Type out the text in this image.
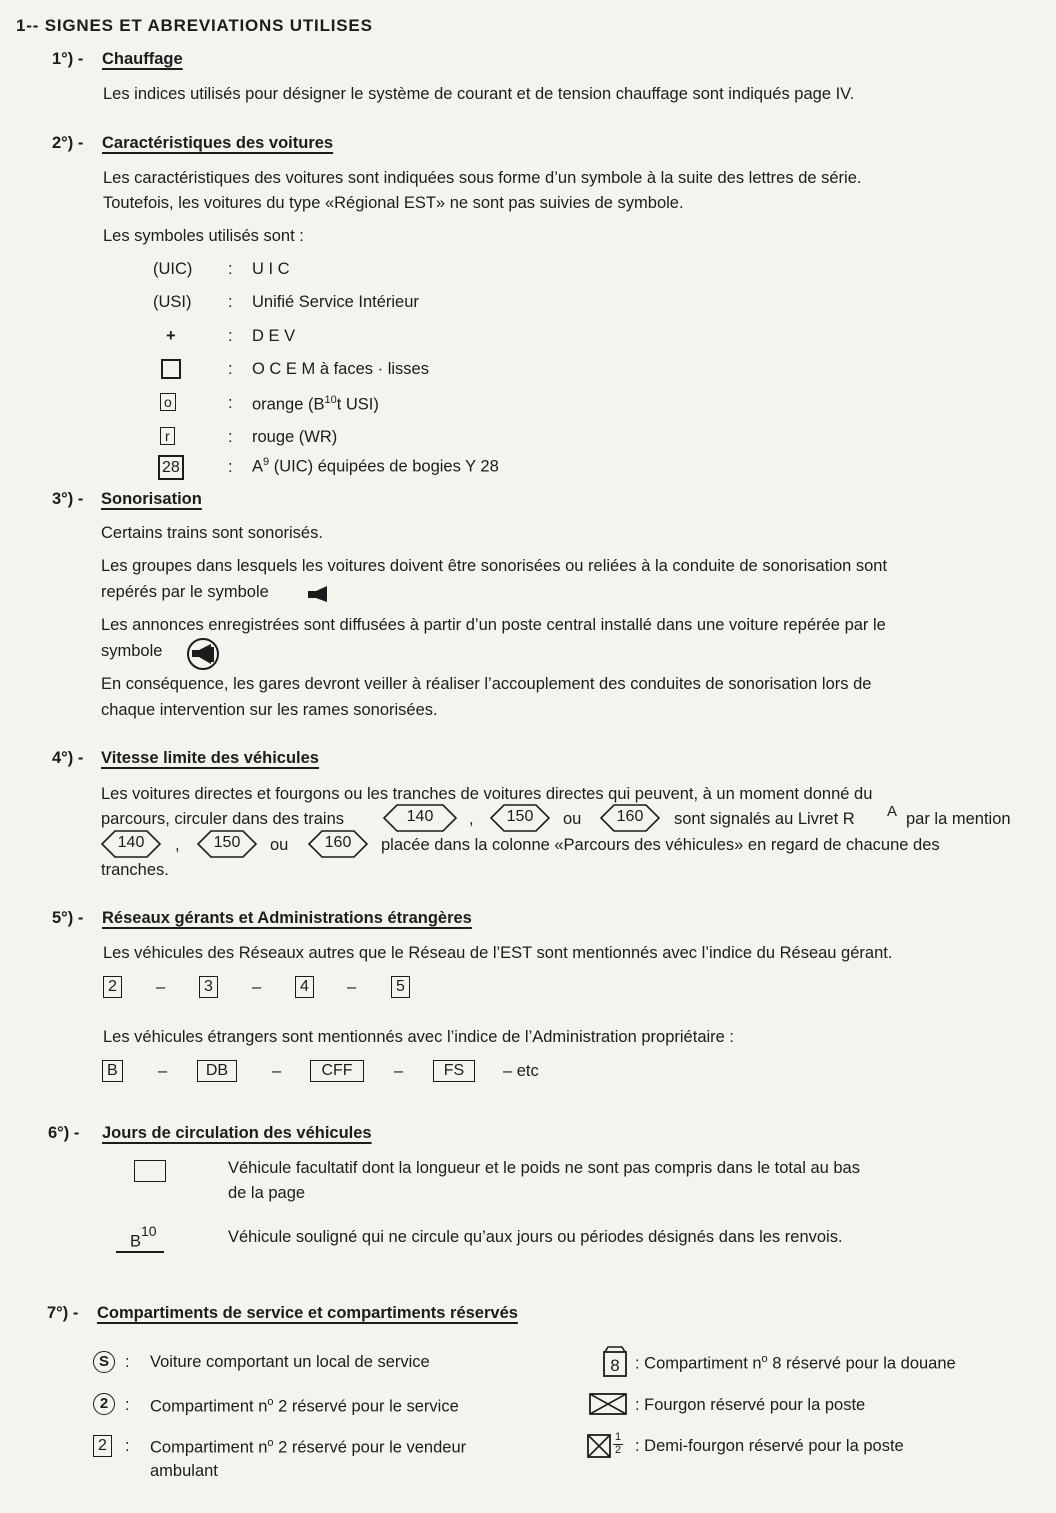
1-- SIGNES ET ABREVIATIONS UTILISES
1°) - Chauffage
Les indices utilisés pour désigner le système de courant et de tension chauffage sont indiqués page IV.
2°) - Caractéristiques des voitures
Les caractéristiques des voitures sont indiquées sous forme d’un symbole à la suite des lettres de série.
Toutefois, les voitures du type «Régional EST» ne sont pas suivies de symbole.
Les symboles utilisés sont :
(UIC) : U I C
(USI) : Unifié Service Intérieur
+	: D E V
: O C E M à faces · lisses
o	: orange ($B^{10}t$ USI)
r	: rouge (WR)
28	: $A^9$ (UIC) équipées de bogies Y 28
3°) - Sonorisation
Certains trains sont sonorisés.
Les groupes dans lesquels les voitures doivent être sonorisées ou reliées à la conduite de sonorisation sont
repérés par le symbole
Les annonces enregistrées sont diffusées à partir d’un poste central installé dans une voiture repérée par le
symbole
En conséquence, les gares devront veiller à réaliser l’accouplement des conduites de sonorisation lors de
chaque intervention sur les rames sonorisées.
4°) - Vitesse limite des véhicules
Les voitures directes et fourgons ou les tranches de voitures directes qui peuvent, à un moment donné du
parcours, circuler dans des trains	140	,	150	ou	160	sont signalés au Livret R A par la mention
140	,	150	ou	160	placée dans la colonne «Parcours des véhicules» en regard de chacune des
tranches.
5°) - Réseaux gérants et Administrations étrangères
Les véhicules des Réseaux autres que le Réseau de l’EST sont mentionnés avec l’indice du Réseau gérant.
2	–	3	–	4	–	5
Les véhicules étrangers sont mentionnés avec l’indice de l’Administration propriétaire :
B	–	DB	–	CFF	–	FS	– etc
6°) - Jours de circulation des véhicules
Véhicule facultatif dont la longueur et le poids ne sont pas compris dans le total au bas
de la page
$B^{10}$	Véhicule souligné qui ne circule qu’aux jours ou périodes désignés dans les renvois.
7°) - Compartiments de service et compartiments réservés
S : Voiture comportant un local de service
2	: Compartiment $n^o$ 2 réservé pour le service
2	: Compartiment $n^o$ 2 réservé pour le vendeur
ambulant
8 : Compartiment $n^o$ 8 réservé pour la douane
: Fourgon réservé pour la poste
1
2 : Demi-fourgon réservé pour la poste
